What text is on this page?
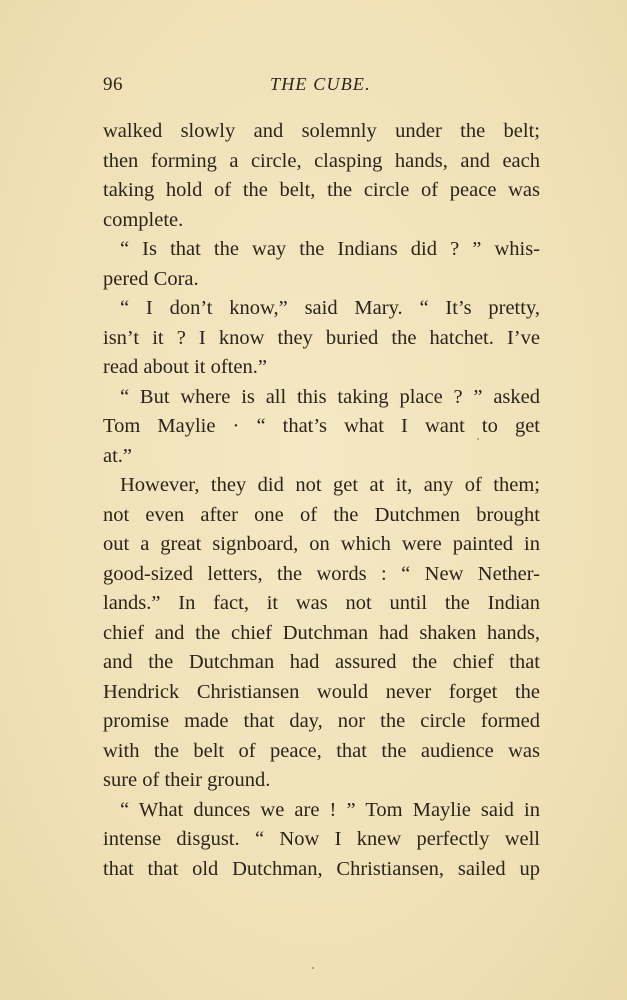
96	THE CUBE.
walked slowly and solemnly under the belt;
then forming a circle, clasping hands, and each
taking hold of the belt, the circle of peace was
complete.
“ Is that the way the Indians did ? ” whis-
pered Cora.
“ I don’t know,” said Mary. “ It’s pretty,
isn’t it ? I know they buried the hatchet. I’ve
read about it often.”
“ But where is all this taking place ? ” asked
Tom Maylie · “ that’s what I want to get
at.”
However, they did not get at it, any of them;
not even after one of the Dutchmen brought
out a great signboard, on which were painted in
good-sized letters, the words : “ New Nether-
lands.” In fact, it was not until the Indian
chief and the chief Dutchman had shaken hands,
and the Dutchman had assured the chief that
Hendrick Christiansen would never forget the
promise made that day, nor the circle formed
with the belt of peace, that the audience was
sure of their ground.
“ What dunces we are ! ” Tom Maylie said in
intense disgust. “ Now I knew perfectly well
that that old Dutchman, Christiansen, sailed up
